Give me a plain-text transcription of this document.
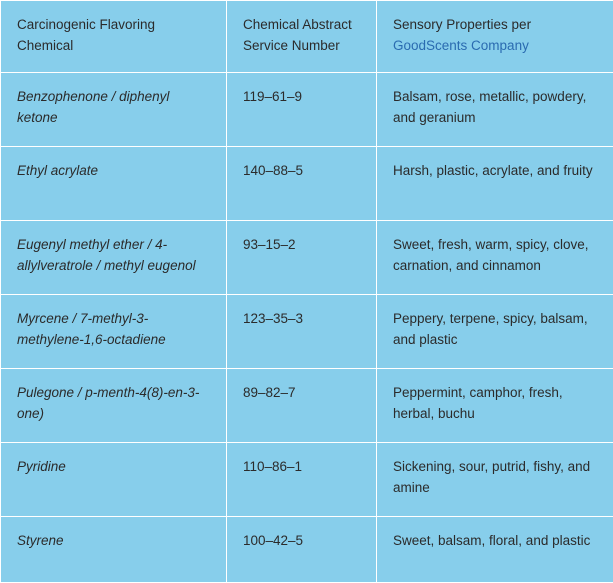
Carcinogenic Flavoring Chemical	Chemical Abstract Service Number	Sensory Properties per
GoodScents Company
Benzophenone / diphenyl ketone	119–61–9	Balsam, rose, metallic, powdery, and geranium
Ethyl acrylate	140–88–5	Harsh, plastic, acrylate, and fruity
Eugenyl methyl ether / 4-allylveratrole / methyl eugenol	93–15–2	Sweet, fresh, warm, spicy, clove, carnation, and cinnamon
Myrcene / 7-methyl-3-methylene-1,6-octadiene	123–35–3	Peppery, terpene, spicy, balsam, and plastic
Pulegone / p-menth-4(8)-en-3-one)	89–82–7	Peppermint, camphor, fresh, herbal, buchu
Pyridine	110–86–1	Sickening, sour, putrid, fishy, and amine
Styrene	100–42–5	Sweet, balsam, floral, and plastic
